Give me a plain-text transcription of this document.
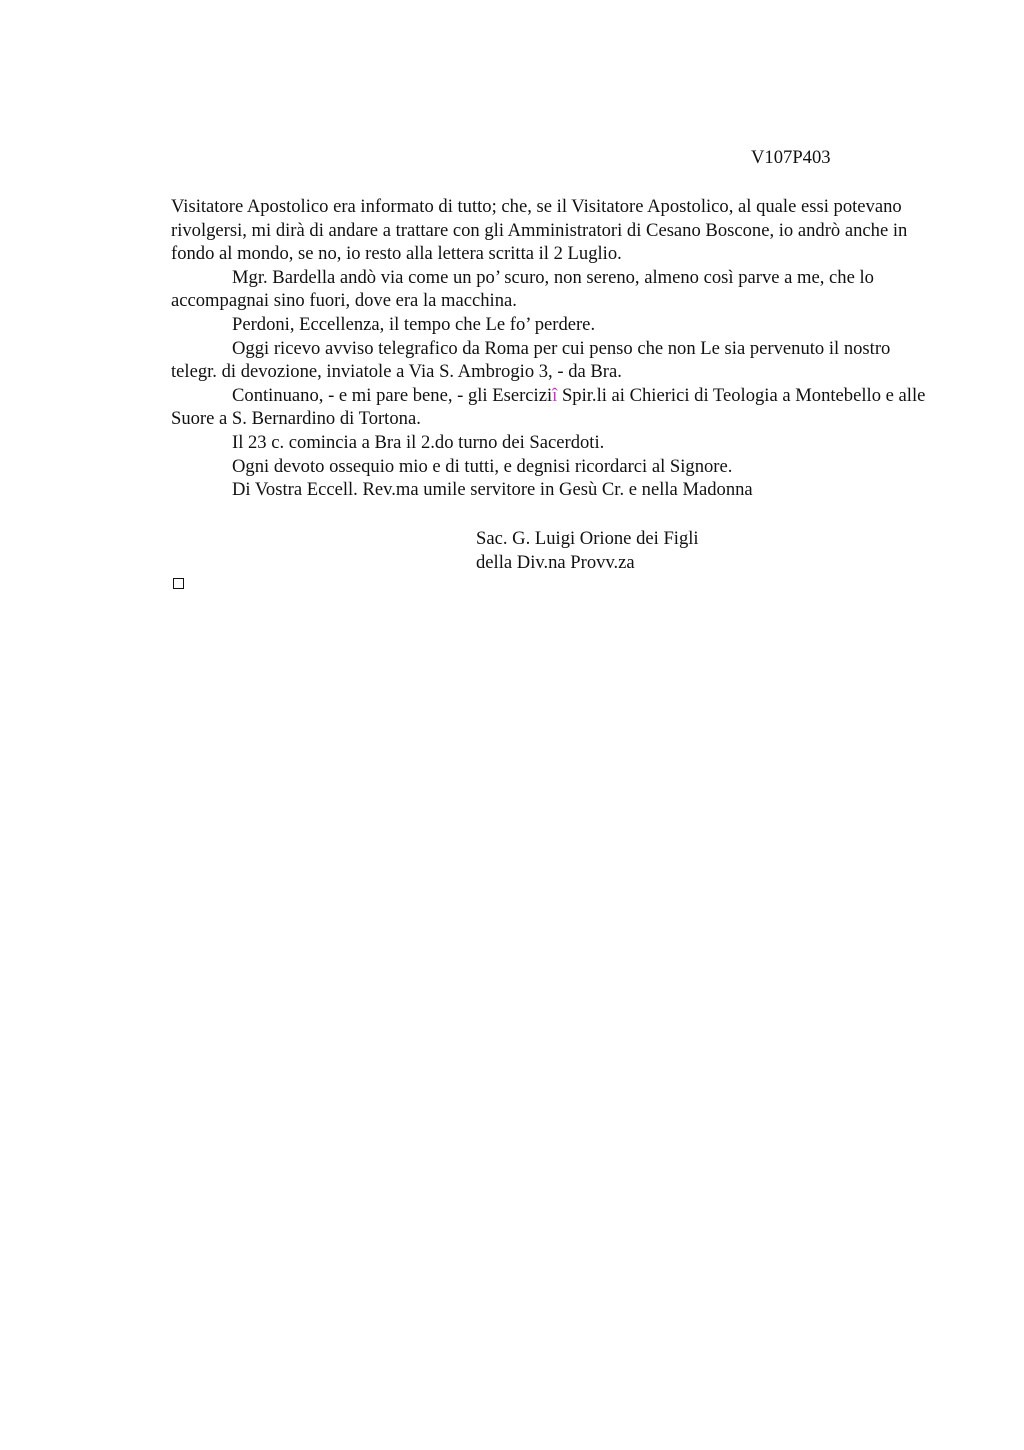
V107P403

Visitatore Apostolico era informato di tutto; che, se il Visitatore Apostolico, al quale essi potevano rivolgersi, mi dirà di andare a trattare con gli Amministratori di Cesano Boscone, io andrò anche in fondo al mondo, se no, io resto alla lettera scritta il 2 Luglio.

Mgr. Bardella andò via come un po’ scuro, non sereno, almeno così parve a me, che lo accompagnai sino fuori, dove era la macchina.

Perdoni, Eccellenza, il tempo che Le fo’ perdere.

Oggi ricevo avviso telegrafico da Roma per cui penso che non Le sia pervenuto il nostro telegr. di devozione, inviatole a Via S. Ambrogio 3, - da Bra.

Continuano, - e mi pare bene, - gli Eserciziî Spir.li ai Chierici di Teologia a Montebello e alle Suore a S. Bernardino di Tortona.

Il 23 c. comincia a Bra il 2.do turno dei Sacerdoti.

Ogni devoto ossequio mio e di tutti, e degnisi ricordarci al Signore.

Di Vostra Eccell. Rev.ma umile servitore in Gesù Cr. e nella Madonna

Sac. G. Luigi Orione dei Figli
della Div.na Provv.za
